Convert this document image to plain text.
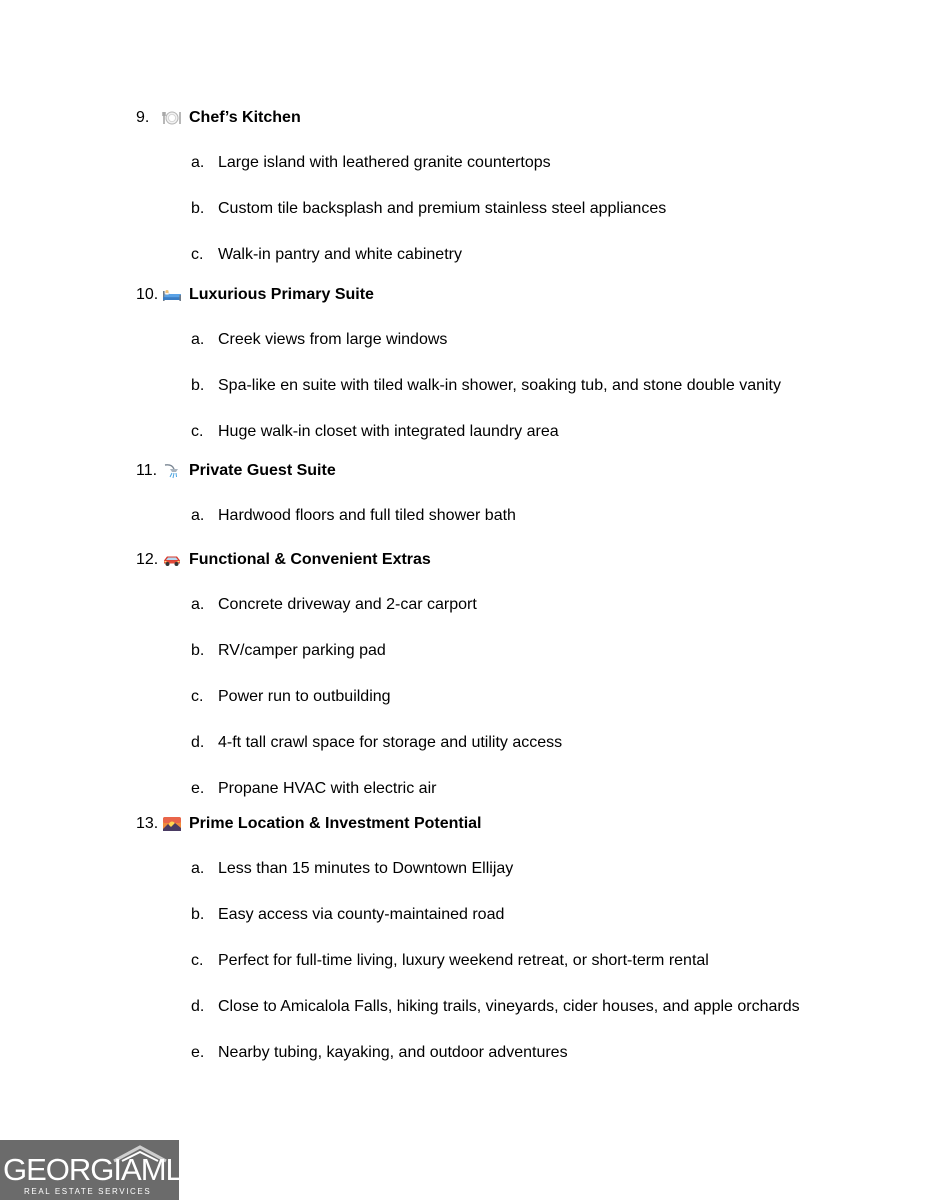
9.	Chef’s Kitchen
a. Large island with leathered granite countertops
b. Custom tile backsplash and premium stainless steel appliances
c. Walk-in pantry and white cabinetry
10.	Luxurious Primary Suite
a. Creek views from large windows
b. Spa-like en suite with tiled walk-in shower, soaking tub, and stone double vanity
c. Huge walk-in closet with integrated laundry area
11.	Private Guest Suite
a. Hardwood floors and full tiled shower bath
12.	Functional & Convenient Extras
a. Concrete driveway and 2-car carport
b. RV/camper parking pad
c. Power run to outbuilding
d. 4-ft tall crawl space for storage and utility access
e. Propane HVAC with electric air
13.	Prime Location & Investment Potential
a. Less than 15 minutes to Downtown Ellijay
b. Easy access via county-maintained road
c. Perfect for full-time living, luxury weekend retreat, or short-term rental
d. Close to Amicalola Falls, hiking trails, vineyards, cider houses, and apple orchards
e. Nearby tubing, kayaking, and outdoor adventures
GEORGIAMLS
REAL ESTATE SERVICES
